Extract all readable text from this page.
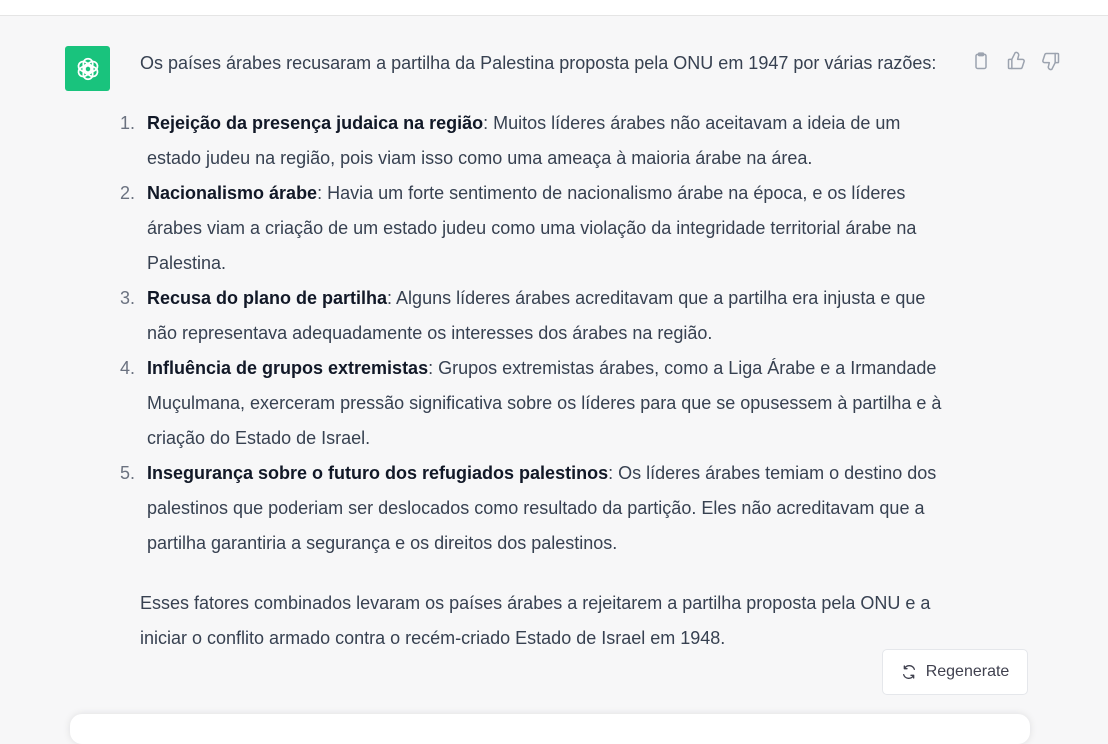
Os países árabes recusaram a partilha da Palestina proposta pela ONU em 1947 por várias razões:

1. Rejeição da presença judaica na região: Muitos líderes árabes não aceitavam a ideia de um estado judeu na região, pois viam isso como uma ameaça à maioria árabe na área.
2. Nacionalismo árabe: Havia um forte sentimento de nacionalismo árabe na época, e os líderes árabes viam a criação de um estado judeu como uma violação da integridade territorial árabe na Palestina.
3. Recusa do plano de partilha: Alguns líderes árabes acreditavam que a partilha era injusta e que não representava adequadamente os interesses dos árabes na região.
4. Influência de grupos extremistas: Grupos extremistas árabes, como a Liga Árabe e a Irmandade Muçulmana, exerceram pressão significativa sobre os líderes para que se opusessem à partilha e à criação do Estado de Israel.
5. Insegurança sobre o futuro dos refugiados palestinos: Os líderes árabes temiam o destino dos palestinos que poderiam ser deslocados como resultado da partição. Eles não acreditavam que a partilha garantiria a segurança e os direitos dos palestinos.

Esses fatores combinados levaram os países árabes a rejeitarem a partilha proposta pela ONU e a iniciar o conflito armado contra o recém-criado Estado de Israel em 1948.

Regenerate
